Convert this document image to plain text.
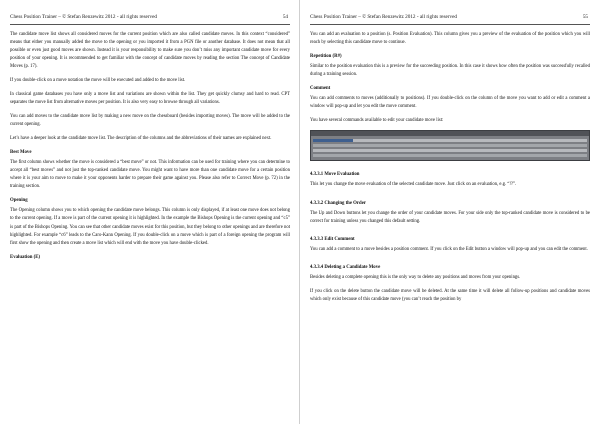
Chess Position Trainer – © Stefan Renzewitz 2012 - all rights reserved	54

The candidate move list shows all considered moves for the current position which are also called candidate moves. In this context “considered” means that either you manually added the move to the opening or you imported it from a PGN file or another database. It does not mean that all possible or even just good moves are shown. Instead it is your responsibility to make sure you don’t miss any important candidate move for every position of your opening. It is recommended to get familiar with the concept of candidate moves by reading the section The concept of Candidate Moves (p. 17).

If you double-click on a move notation the move will be executed and added to the move list.

In classical game databases you have only a move list and variations are shown within the list. They get quickly clumsy and hard to read. CPT separates the move list from alternative moves per position. It is also very easy to browse through all variations.

You can add moves to the candidate move list by making a new move on the chessboard (besides importing moves). The move will be added to the current opening.

Let’s have a deeper look at the candidate move list. The description of the columns and the abbreviations of their names are explained next.

Best Move

The first column shows whether the move is considered a “best move” or not. This information can be used for training where you can determine to accept all “best moves” and not just the top-ranked candidate move. You might want to have more than one candidate move for a certain position where it is your aim to move to make it your opponents harder to prepare their game against you. Please also refer to Correct Move (p. 72) in the training section.

Opening

The Opening column shows you to which opening the candidate move belongs. This column is only displayed, if at least one move does not belong to the current opening. If a move is part of the current opening it is highlighted. In the example the Bishops Opening is the current opening and “c5” is part of the Bishops Opening. You can see that other candidate moves exist for this position, but they belong to other openings and are therefore not highlighted. For example “c6” leads to the Caro-Kann Opening. If you double-click on a move which is part of a foreign opening the program will first show the opening and then create a move list which will end with the move you have double-clicked.

Evaluation (E)
Chess Position Trainer – © Stefan Renzewitz 2012 - all rights reserved	55

You can add an evaluation to a position (s. Position Evaluation). This column gives you a preview of the evaluation of the position which you will reach by selecting this candidate move to continue.

Repetition (R#)

Similar to the position evaluation this is a preview for the succeeding position. In this case it shows how often the position was successfully recalled during a training session.

Comment

You can add comments to moves (additionally to positions). If you double-click on the column of the move you want to add or edit a comment a window will pop-up and let you edit the move comment.

You have several commands available to edit your candidate move list:

4.3.3.1 Move Evaluation

This let you change the move evaluation of the selected candidate move. Just click on an evaluation, e.g. “!?”.

4.3.3.2 Changing the Order

The Up and Down buttons let you change the order of your candidate moves. For your side only the top-ranked candidate move is considered to be correct for training unless you changed this default setting.

4.3.3.3 Edit Comment

You can add a comment to a move besides a position comment. If you click on the Edit button a window will pop-up and you can edit the comment.

4.3.3.4 Deleting a Candidate Move

Besides deleting a complete opening this is the only way to delete any positions and moves from your openings.

If you click on the delete button the candidate move will be deleted. At the same time it will delete all follow-up positions and candidate moves which only exist because of this candidate move (you can’t reach the position by
